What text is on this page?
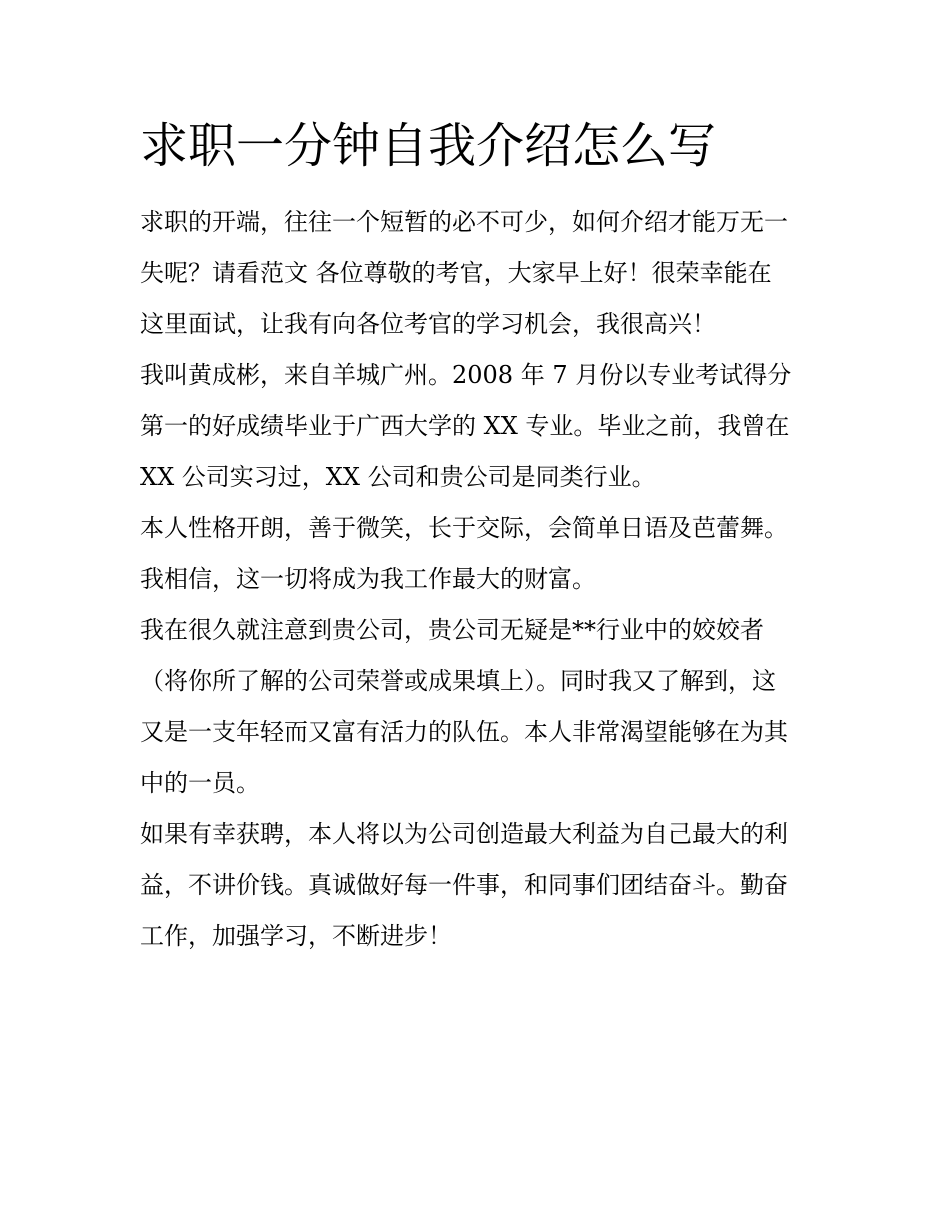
求职一分钟自我介绍怎么写
求职的开端，往往一个短暂的必不可少，如何介绍才能万无一
失呢？请看范文 各位尊敬的考官，大家早上好！很荣幸能在
这里面试，让我有向各位考官的学习机会，我很高兴！
我叫黄成彬，来自羊城广州。2008 年 7 月份以专业考试得分
第一的好成绩毕业于广西大学的 XX 专业。毕业之前，我曾在
XX 公司实习过，XX 公司和贵公司是同类行业。
本人性格开朗，善于微笑，长于交际，会简单日语及芭蕾舞。
我相信，这一切将成为我工作最大的财富。
我在很久就注意到贵公司，贵公司无疑是**行业中的姣姣者
（将你所了解的公司荣誉或成果填上）。同时我又了解到，这
又是一支年轻而又富有活力的队伍。本人非常渴望能够在为其
中的一员。
如果有幸获聘，本人将以为公司创造最大利益为自己最大的利
益，不讲价钱。真诚做好每一件事，和同事们团结奋斗。勤奋
工作，加强学习，不断进步！
